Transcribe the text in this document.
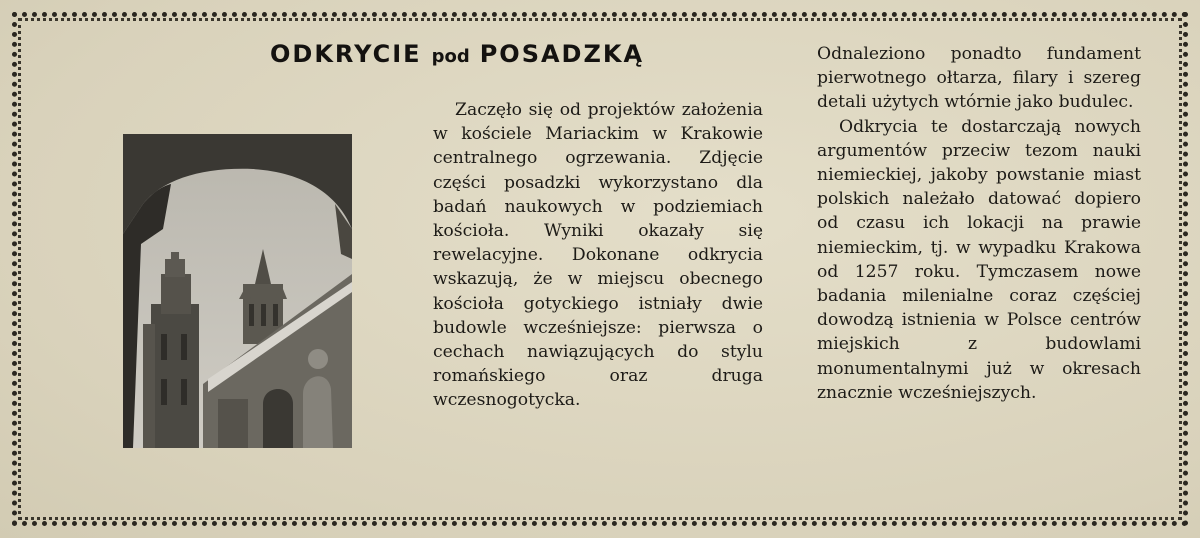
ODKRYCIE pod POSADZKĄ

Zaczęło się od projektów założenia w kościele Mariackim w Krakowie centralnego ogrzewania. Zdjęcie części posadzki wykorzystano dla badań naukowych w podziemiach kościoła. Wyniki okazały się rewelacyjne. Dokonane odkrycia wskazują, że w miejscu obecnego kościoła gotyckiego istniały dwie budowle wcześniejsze: pierwsza o cechach nawiązujących do stylu romańskiego oraz druga wczesnogotycka.

Odnaleziono ponadto fundament pierwotnego ołtarza, filary i szereg detali użytych wtórnie jako budulec.

Odkrycia te dostarczają nowych argumentów przeciw tezom nauki niemieckiej, jakoby powstanie miast polskich należało datować dopiero od czasu ich lokacji na prawie niemieckim, tj. w wypadku Krakowa od 1257 roku. Tymczasem nowe badania milenialne coraz częściej dowodzą istnienia w Polsce centrów miejskich z budowlami monumentalnymi już w okresach znacznie wcześniejszych.
